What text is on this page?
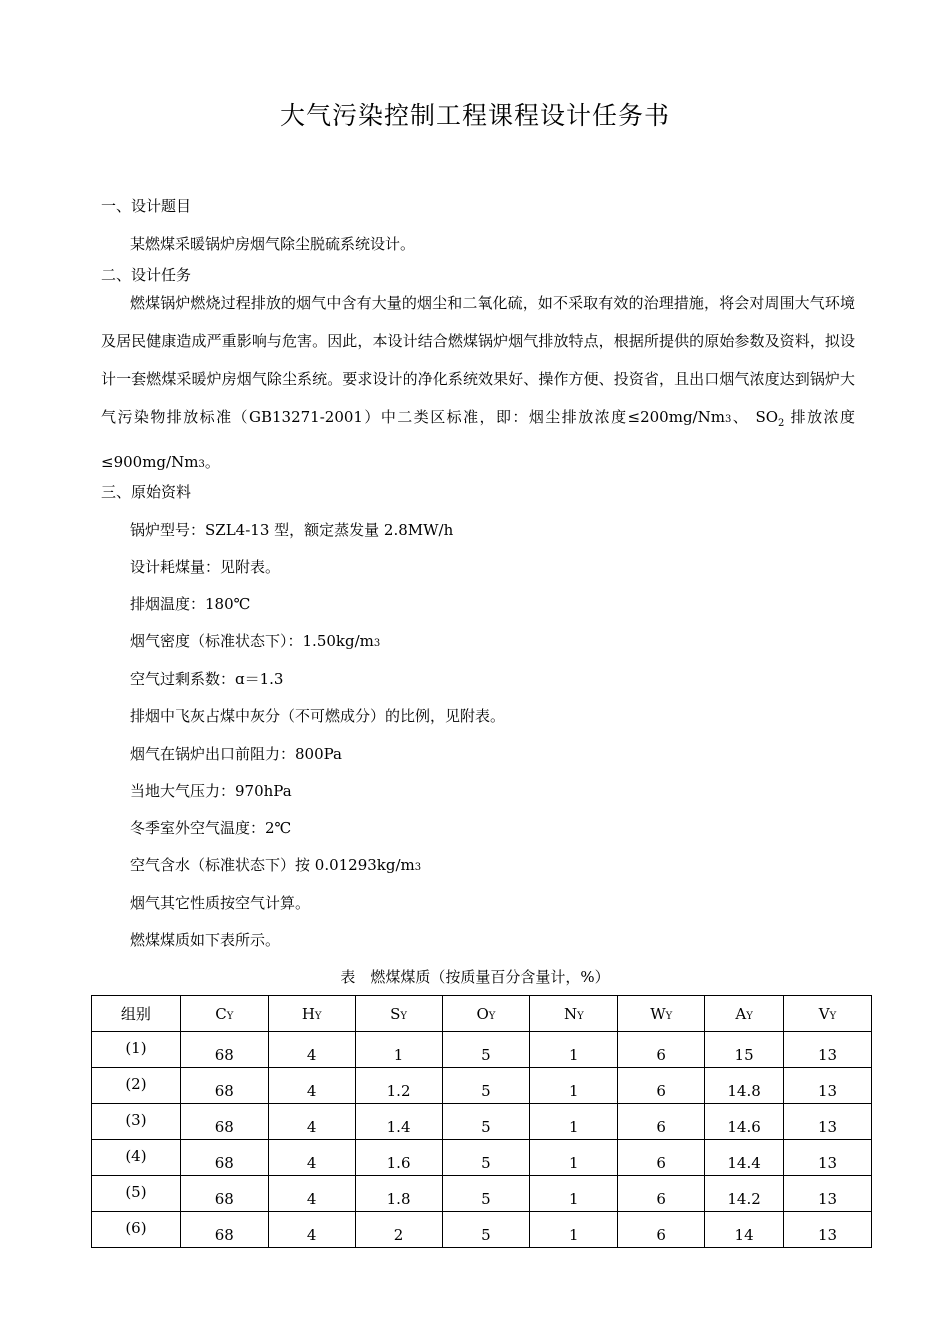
大气污染控制工程课程设计任务书
一、设计题目
某燃煤采暖锅炉房烟气除尘脱硫系统设计。
二、设计任务
燃煤锅炉燃烧过程排放的烟气中含有大量的烟尘和二氧化硫，如不采取有效的治理措施，将会对周围大气环境及居民健康造成严重影响与危害。因此，本设计结合燃煤锅炉烟气排放特点，根据所提供的原始参数及资料，拟设计一套燃煤采暖炉房烟气除尘系统。要求设计的净化系统效果好、操作方便、投资省，且出口烟气浓度达到锅炉大气污染物排放标准（GB13271-2001）中二类区标准，即：烟尘排放浓度≤200mg/Nm3、 $SO_2$ 排放浓度≤900mg/Nm3。
三、原始资料
锅炉型号：SZL4-13 型，额定蒸发量 2.8MW/h
设计耗煤量：见附表。
排烟温度：180℃
烟气密度（标准状态下）：1.50kg/m3
空气过剩系数：ɑ＝1.3
排烟中飞灰占煤中灰分（不可燃成分）的比例，见附表。
烟气在锅炉出口前阻力：800Pa
当地大气压力：970hPa
冬季室外空气温度：2℃
空气含水（标准状态下）按 0.01293kg/m3
烟气其它性质按空气计算。
燃煤煤质如下表所示。
表　燃煤煤质（按质量百分含量计，%）
组别	CY	HY	SY	OY	NY	WY	AY	VY
(1)	68	4	1	5	1	6	15	13
(2)	68	4	1.2	5	1	6	14.8	13
(3)	68	4	1.4	5	1	6	14.6	13
(4)	68	4	1.6	5	1	6	14.4	13
(5)	68	4	1.8	5	1	6	14.2	13
(6)	68	4	2	5	1	6	14	13
